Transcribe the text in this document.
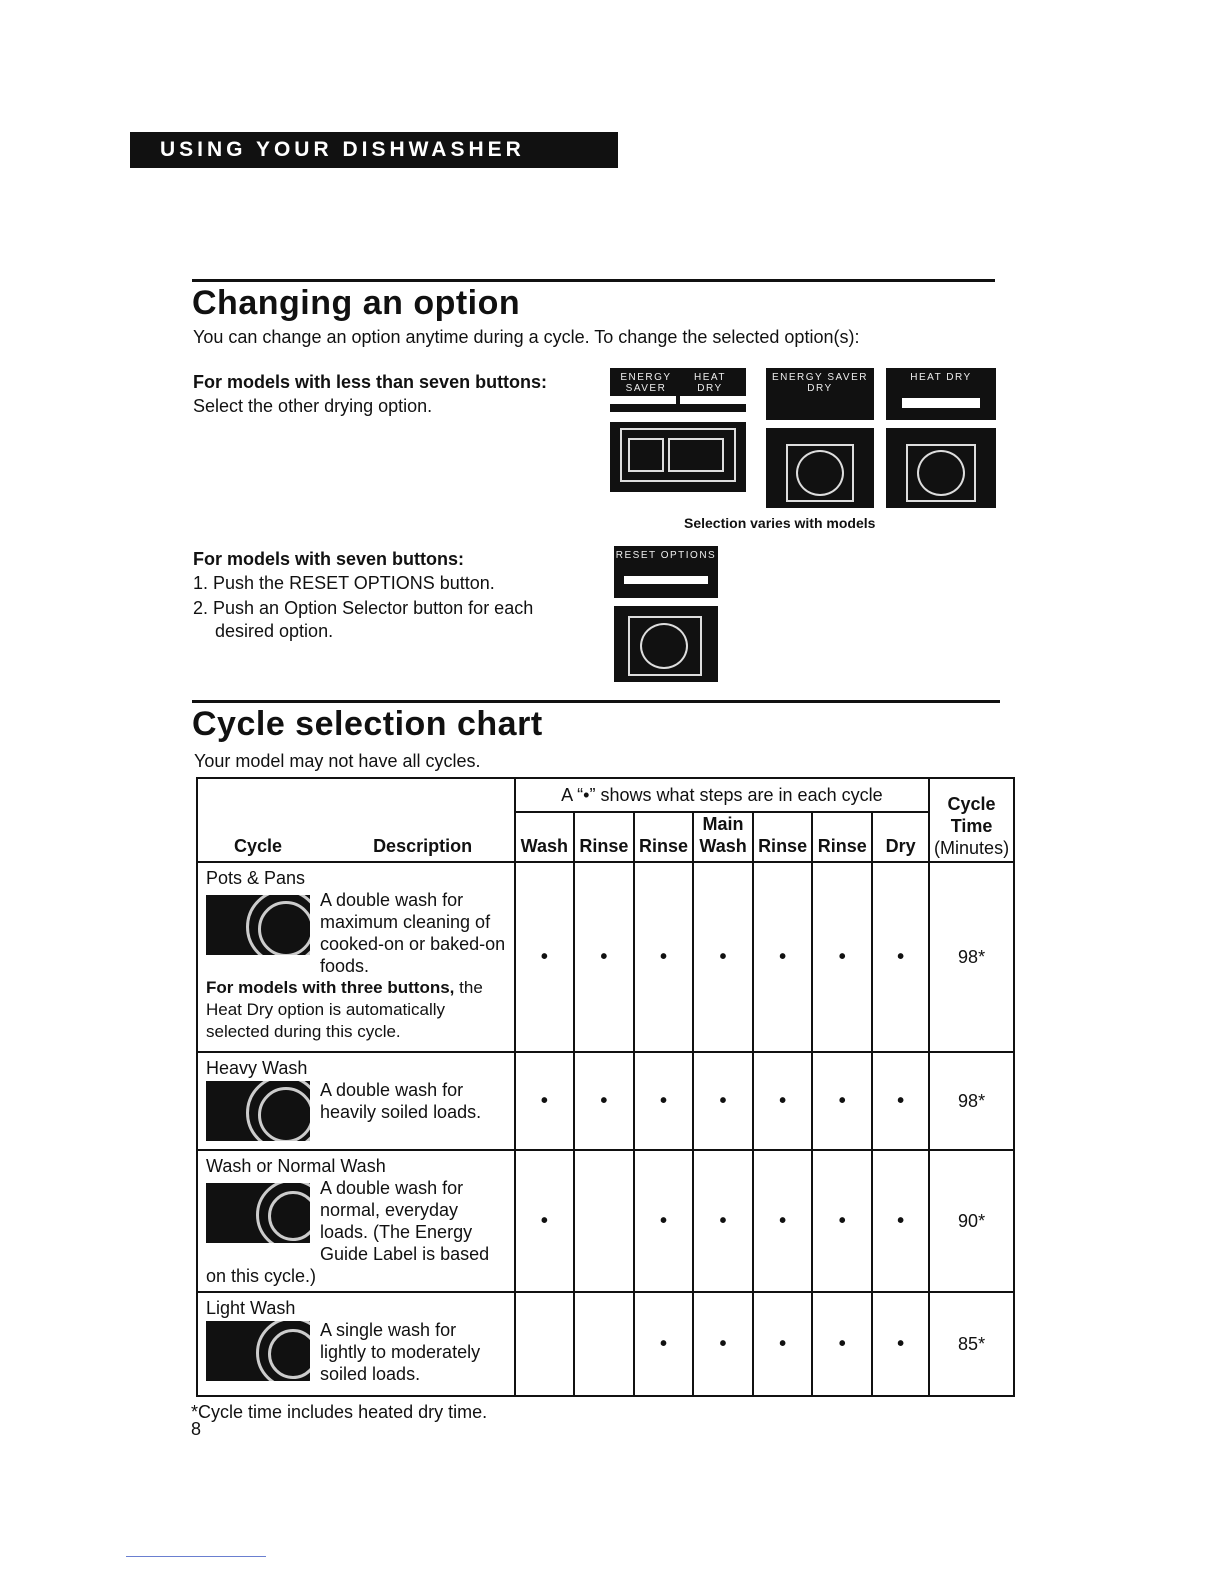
USING YOUR DISHWASHER
Changing an option
You can change an option anytime during a cycle. To change the selected option(s):
For models with less than seven buttons:
Select the other drying option.
ENERGY SAVER
HEAT DRY
ENERGY SAVER DRY
HEAT DRY
Selection varies with models
For models with seven buttons:
1. Push the RESET OPTIONS button.
2. Push an Option Selector button for each
desired option.
RESET OPTIONS
Cycle selection chart
Your model may not have all cycles.
Cycle Description	A “•” shows what steps are in each cycle							Cycle
Time
(Minutes)

	Wash	Rinse	Rinse	Main Wash	Rinse	Rinse	Dry	

Pots & Pans
A double wash for maximum cleaning of cooked-on or baked-on foods.
For models with three buttons, the Heat Dry option is automatically selected during this cycle.	•	•	•	•	•	•	•	98*

Heavy Wash
A double wash for heavily soiled loads.	•	•	•	•	•	•	•	98*

Wash or Normal Wash
A double wash for normal, everyday loads. (The Energy Guide Label is based on this cycle.)	•		•	•	•	•	•	90*

Light Wash
A single wash for lightly to moderately soiled loads.			•	•	•	•	•	85*
*Cycle time includes heated dry time.
8
